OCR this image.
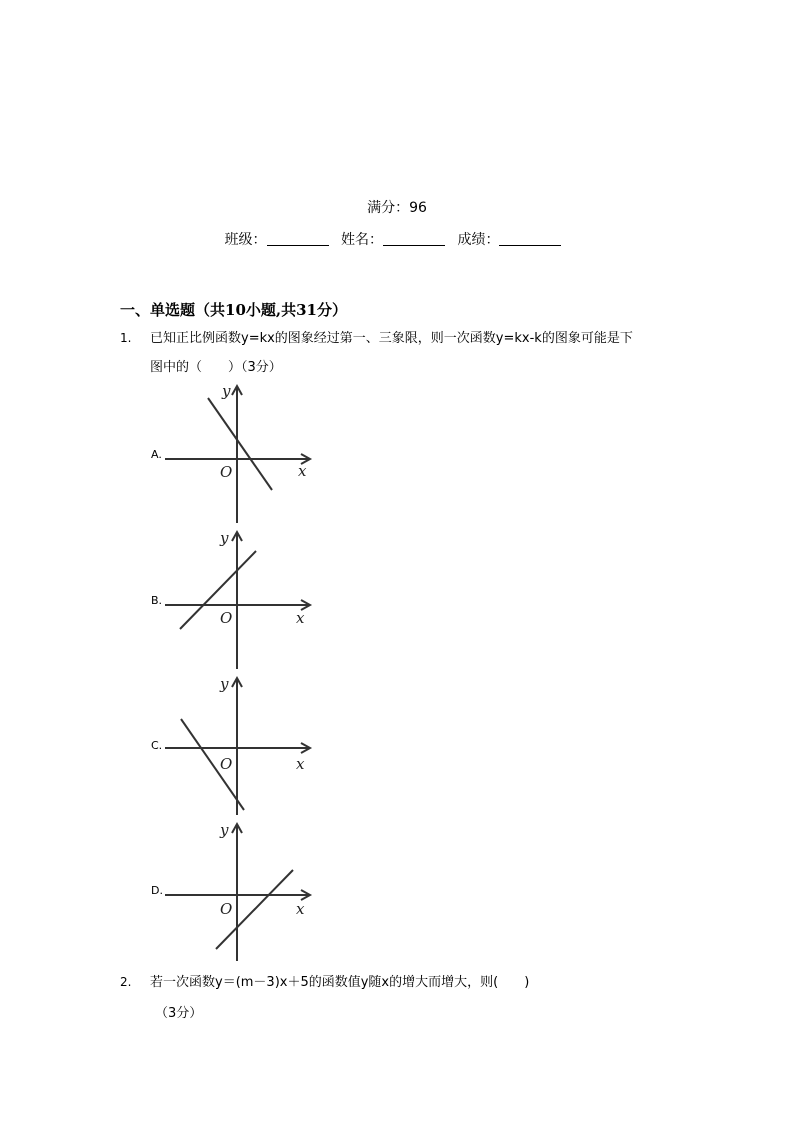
满分：96
班级：	姓名：	成绩：
一、单选题（共10小题,共31分）
1. 已知正比例函数y=kx的图象经过第一、三象限，则一次函数y=kx-k的图象可能是下
图中的（　　）（3分）
A.
y
x
O
B.
y
x
O
C.
y
x
O
D.
y
x
O
2. 若一次函数y＝(m－3)x＋5的函数值y随x的增大而增大，则(　　)
（3分）
